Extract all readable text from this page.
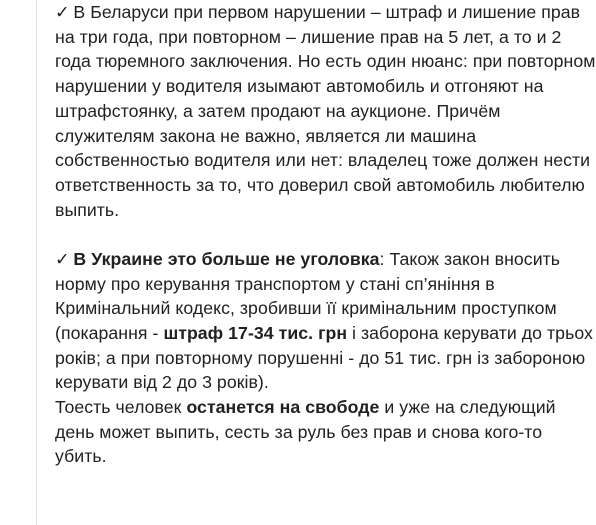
✓ В Беларуси при первом нарушении – штраф и лишение прав на три года, при повторном – лишение прав на 5 лет, а то и 2 года тюремного заключения. Но есть один нюанс: при повторном нарушении у водителя изымают автомобиль и отгоняют на штрафстоянку, а затем продают на аукционе. Причём служителям закона не важно, является ли машина собственностью водителя или нет: владелец тоже должен нести ответственность за то, что доверил свой автомобиль любителю выпить.

✓ В Украине это больше не уголовка: Також закон вносить норму про керування транспортом у стані сп’яніння в Кримінальний кодекс, зробивши її кримінальним проступком (покарання - штраф 17-34 тис. грн і заборона керувати до трьох років; а при повторному порушенні - до 51 тис. грн із забороною керувати від 2 до 3 років).

Тоесть человек останется на свободе и уже на следующий день может выпить, сесть за руль без прав и снова кого-то убить.
